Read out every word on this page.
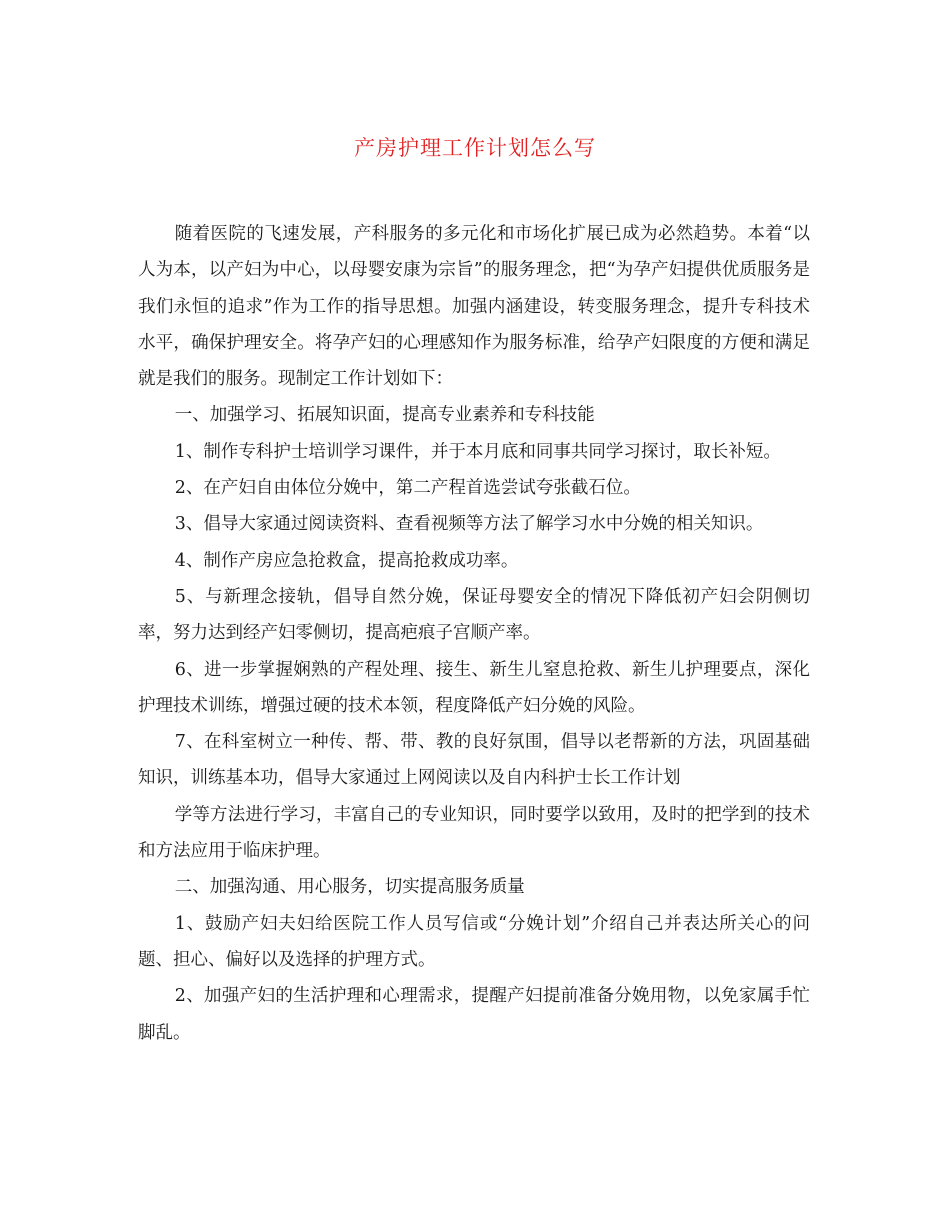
产房护理工作计划怎么写

随着医院的飞速发展，产科服务的多元化和市场化扩展已成为必然趋势。本着“以人为本，以产妇为中心，以母婴安康为宗旨”的服务理念，把“为孕产妇提供优质服务是我们永恒的追求”作为工作的指导思想。加强内涵建设，转变服务理念，提升专科技术水平，确保护理安全。将孕产妇的心理感知作为服务标准，给孕产妇限度的方便和满足就是我们的服务。现制定工作计划如下：

一、加强学习、拓展知识面，提高专业素养和专科技能

1、制作专科护士培训学习课件，并于本月底和同事共同学习探讨，取长补短。

2、在产妇自由体位分娩中，第二产程首选尝试夸张截石位。

3、倡导大家通过阅读资料、查看视频等方法了解学习水中分娩的相关知识。

4、制作产房应急抢救盒，提高抢救成功率。

5、与新理念接轨，倡导自然分娩，保证母婴安全的情况下降低初产妇会阴侧切率，努力达到经产妇零侧切，提高疤痕子宫顺产率。

6、进一步掌握娴熟的产程处理、接生、新生儿窒息抢救、新生儿护理要点，深化护理技术训练，增强过硬的技术本领，程度降低产妇分娩的风险。

7、在科室树立一种传、帮、带、教的良好氛围，倡导以老帮新的方法，巩固基础知识，训练基本功，倡导大家通过上网阅读以及自内科护士长工作计划

学等方法进行学习，丰富自己的专业知识，同时要学以致用，及时的把学到的技术和方法应用于临床护理。

二、加强沟通、用心服务，切实提高服务质量

1、鼓励产妇夫妇给医院工作人员写信或“分娩计划”介绍自己并表达所关心的问题、担心、偏好以及选择的护理方式。

2、加强产妇的生活护理和心理需求，提醒产妇提前准备分娩用物，以免家属手忙脚乱。
